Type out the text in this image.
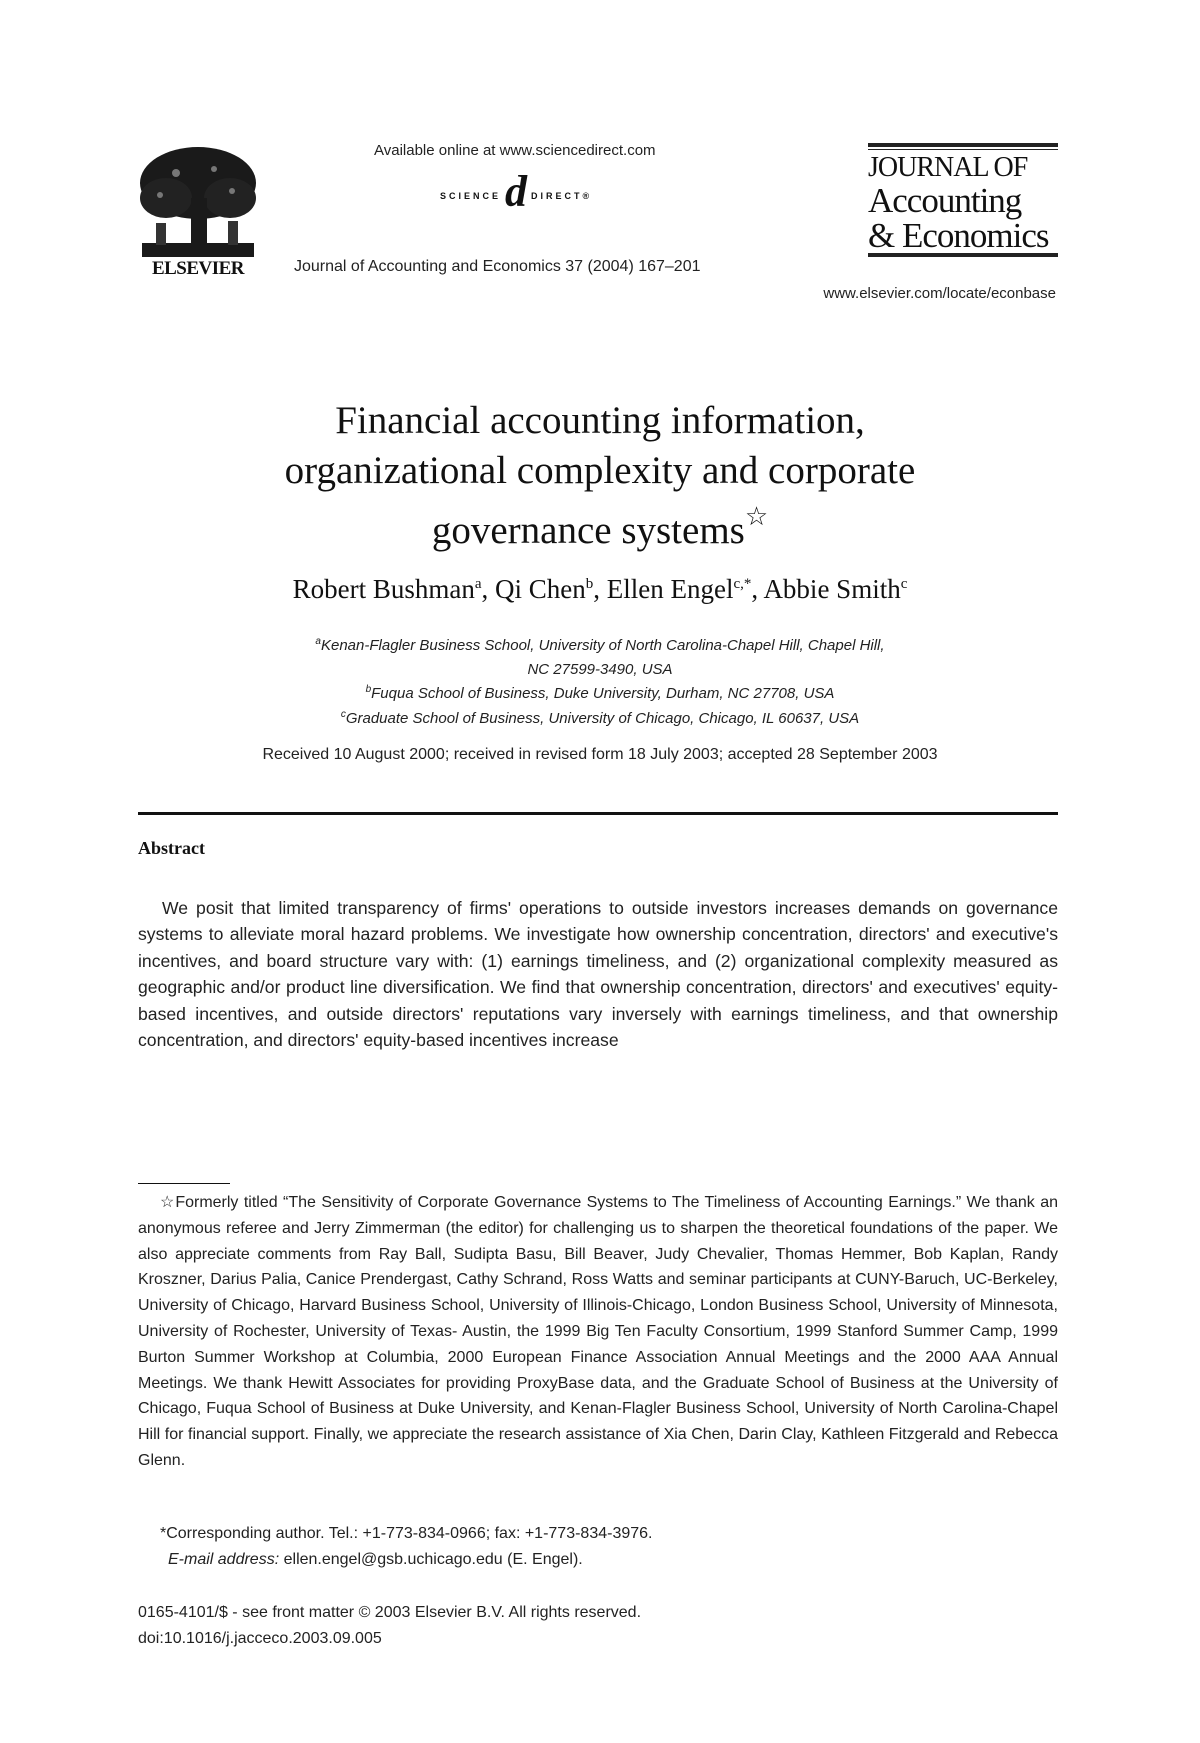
ELSEVIER
Available online at www.sciencedirect.com
SCIENCE d DIRECT®
Journal of Accounting and Economics 37 (2004) 167–201
JOURNAL OF
Accounting
& Economics
www.elsevier.com/locate/econbase
Financial accounting information,
organizational complexity and corporate
governance systems☆
Robert Bushman$^a$, Qi Chen$^b$, Ellen Engel$^{c,*}$, Abbie Smith$^c$
$^a$Kenan-Flagler Business School, University of North Carolina-Chapel Hill, Chapel Hill,
NC 27599-3490, USA
$^b$Fuqua School of Business, Duke University, Durham, NC 27708, USA
$^c$Graduate School of Business, University of Chicago, Chicago, IL 60637, USA
Received 10 August 2000; received in revised form 18 July 2003; accepted 28 September 2003
Abstract
We posit that limited transparency of firms' operations to outside investors increases demands on governance systems to alleviate moral hazard problems. We investigate how ownership concentration, directors' and executive's incentives, and board structure vary with: (1) earnings timeliness, and (2) organizational complexity measured as geographic and/or product line diversification. We find that ownership concentration, directors' and executives' equity-based incentives, and outside directors' reputations vary inversely with earnings timeliness, and that ownership concentration, and directors' equity-based incentives increase
☆Formerly titled “The Sensitivity of Corporate Governance Systems to The Timeliness of Accounting Earnings.” We thank an anonymous referee and Jerry Zimmerman (the editor) for challenging us to sharpen the theoretical foundations of the paper. We also appreciate comments from Ray Ball, Sudipta Basu, Bill Beaver, Judy Chevalier, Thomas Hemmer, Bob Kaplan, Randy Kroszner, Darius Palia, Canice Prendergast, Cathy Schrand, Ross Watts and seminar participants at CUNY-Baruch, UC-Berkeley, University of Chicago, Harvard Business School, University of Illinois-Chicago, London Business School, University of Minnesota, University of Rochester, University of Texas- Austin, the 1999 Big Ten Faculty Consortium, 1999 Stanford Summer Camp, 1999 Burton Summer Workshop at Columbia, 2000 European Finance Association Annual Meetings and the 2000 AAA Annual Meetings. We thank Hewitt Associates for providing ProxyBase data, and the Graduate School of Business at the University of Chicago, Fuqua School of Business at Duke University, and Kenan-Flagler Business School, University of North Carolina-Chapel Hill for financial support. Finally, we appreciate the research assistance of Xia Chen, Darin Clay, Kathleen Fitzgerald and Rebecca Glenn.
*Corresponding author. Tel.: +1-773-834-0966; fax: +1-773-834-3976.
E-mail address: ellen.engel@gsb.uchicago.edu (E. Engel).
0165-4101/$ - see front matter © 2003 Elsevier B.V. All rights reserved.
doi:10.1016/j.jacceco.2003.09.005
